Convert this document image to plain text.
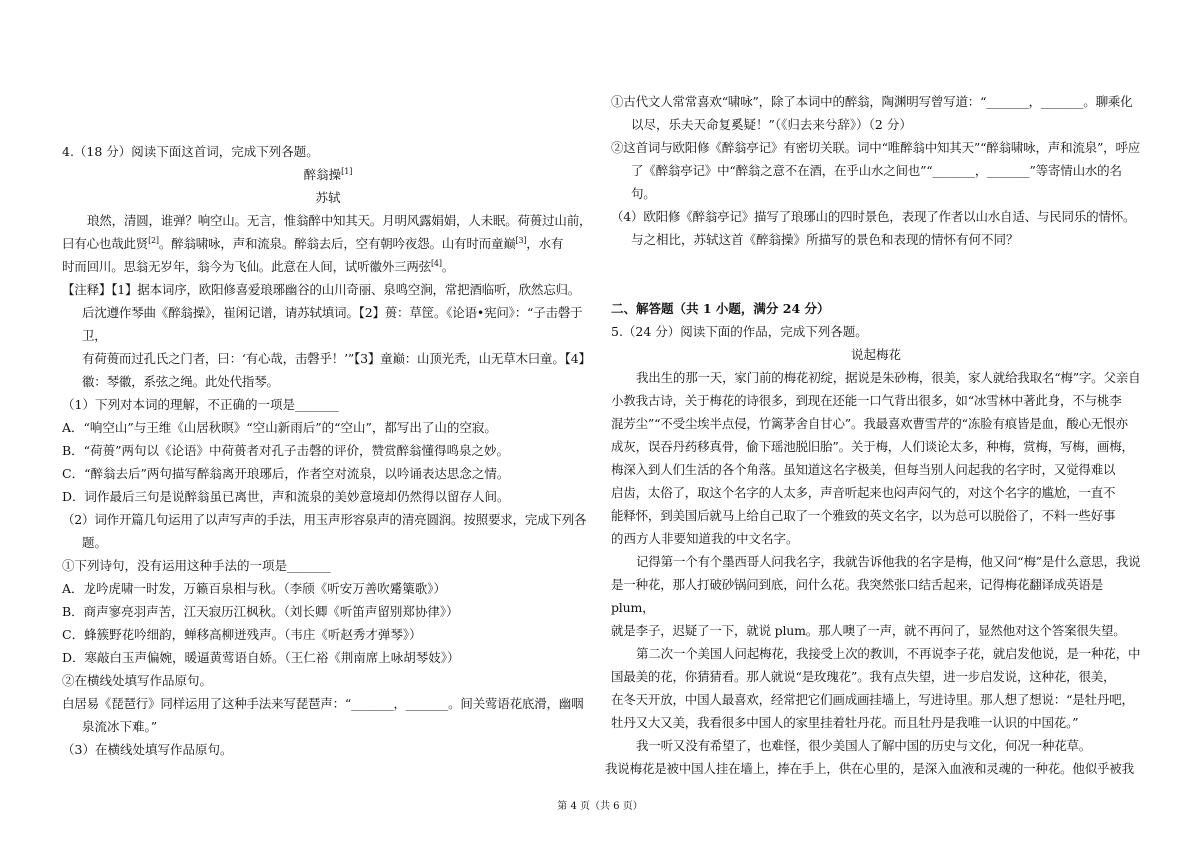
4.（18 分）阅读下面这首词，完成下列各题。

醉翁操[1]

苏轼

琅然，清圆，谁弹？响空山。无言，惟翁醉中知其天。月明风露娟娟，人未眠。荷蒉过山前，

曰有心也哉此贤[2]。醉翁啸咏，声和流泉。醉翁去后，空有朝吟夜怨。山有时而童巅[3]，水有

时而回川。思翁无岁年，翁今为飞仙。此意在人间，试听徽外三两弦[4]。

【注释】【1】据本词序，欧阳修喜爱琅琊幽谷的山川奇丽、泉鸣空涧，常把酒临听，欣然忘归。

后沈遵作琴曲《醉翁操》，崔闲记谱，请苏轼填词。【2】蒉：草筐。《论语•宪问》：“子击磬于卫，

有荷蒉而过孔氏之门者，曰：‘有心哉，击磬乎！’”【3】童巅：山顶光秃，山无草木曰童。【4】

徽：琴徽，系弦之绳。此处代指琴。

（1）下列对本词的理解，不正确的一项是_______

A．“响空山”与王维《山居秋暝》“空山新雨后”的“空山”，都写出了山的空寂。

B．“荷蒉”两句以《论语》中荷蒉者对孔子击磬的评价，赞赏醉翁懂得鸣泉之妙。

C．“醉翁去后”两句描写醉翁离开琅琊后，作者空对流泉，以吟诵表达思念之情。

D．词作最后三句是说醉翁虽已离世，声和流泉的美妙意境却仍然得以留存人间。

（2）词作开篇几句运用了以声写声的手法，用玉声形容泉声的清亮圆润。按照要求，完成下列各

题。

①下列诗句，没有运用这种手法的一项是_______

A．龙吟虎啸一时发，万籁百泉相与秋。（李颀《听安万善吹觱篥歌》）

B．商声寥亮羽声苦，江天寂历江枫秋。（刘长卿《听笛声留别郑协律》）

C．蜂簇野花吟细韵，蝉移高柳迸残声。（韦庄《听赵秀才弹琴》）

D．寒敲白玉声偏婉，暖逼黄莺语自娇。（王仁裕《荆南席上咏胡琴妓》）

②在横线处填写作品原句。

白居易《琵琶行》同样运用了这种手法来写琵琶声：“_______，_______。间关莺语花底滑，幽咽

泉流冰下难。”

（3）在横线处填写作品原句。

①古代文人常常喜欢“啸咏”，除了本词中的醉翁，陶渊明写曾写道：“_______，_______。聊乘化

以尽，乐夫天命复奚疑！”（《归去来兮辞》）（2 分）

②这首词与欧阳修《醉翁亭记》有密切关联。词中“唯醉翁中知其天”“醉翁啸咏，声和流泉”，呼应

了《醉翁亭记》中“醉翁之意不在酒，在乎山水之间也”“_______，_______”等寄情山水的名句。

（4）欧阳修《醉翁亭记》描写了琅琊山的四时景色，表现了作者以山水自适、与民同乐的情怀。

与之相比，苏轼这首《醉翁操》所描写的景色和表现的情怀有何不同？

二、解答题（共 1 小题，满分 24 分）

5.（24 分）阅读下面的作品，完成下列各题。

说起梅花

我出生的那一天，家门前的梅花初绽，据说是朱砂梅，很美，家人就给我取名“梅”字。父亲自

小教我古诗，关于梅花的诗很多，到现在还能一口气背出很多，如“冰雪林中著此身，不与桃李

混芳尘”“不受尘埃半点侵，竹篱茅舍自甘心”。我最喜欢曹雪芹的“冻脸有痕皆是血，酸心无恨亦

成灰，误吞丹药移真骨，偷下瑶池脱旧胎”。关于梅，人们谈论太多，种梅，赏梅，写梅，画梅，

梅深入到人们生活的各个角落。虽知道这名字极美，但每当别人问起我的名字时，又觉得难以

启齿，太俗了，取这个名字的人太多，声音听起来也闷声闷气的，对这个名字的尴尬，一直不

能释怀，到美国后就马上给自己取了一个雅致的英文名字，以为总可以脱俗了，不料一些好事

的西方人非要知道我的中文名字。

记得第一个有个墨西哥人问我名字，我就告诉他我的名字是梅，他又问“梅”是什么意思，我说

是一种花，那人打破砂锅问到底，问什么花。我突然张口结舌起来，记得梅花翻译成英语是 plum，

就是李子，迟疑了一下，就说 plum。那人噢了一声，就不再问了，显然他对这个答案很失望。

第二次一个美国人问起梅花，我接受上次的教训，不再说李子花，就启发他说，是一种花，中

国最美的花，你猜猜看。那人就说“是玫瑰花”。我有点失望，进一步启发说，这种花，很美，

在冬天开放，中国人最喜欢，经常把它们画成画挂墙上，写进诗里。那人想了想说：“是牡丹吧，

牡丹又大又美，我看很多中国人的家里挂着牡丹花。而且牡丹是我唯一认识的中国花。”

我一听又没有希望了，也难怪，很少美国人了解中国的历史与文化，何况一种花草。

我说梅花是被中国人挂在墙上，捧在手上，供在心里的，是深入血液和灵魂的一种花。他似乎被我

第 4 页（共 6 页）
